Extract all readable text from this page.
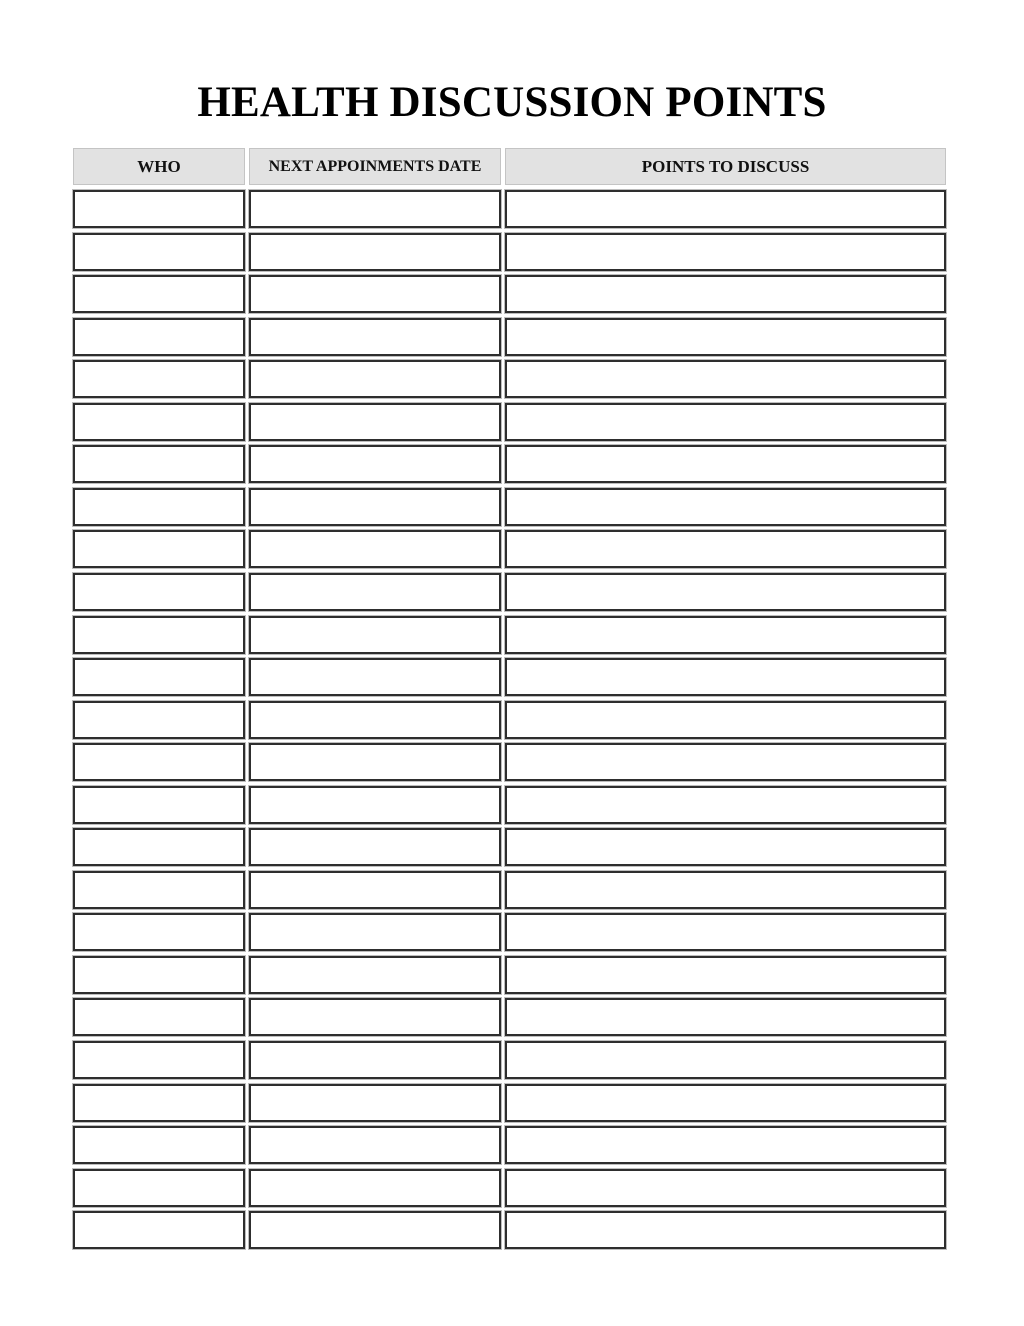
HEALTH DISCUSSION POINTS
WHO	NEXT APPOINMENTS DATE	POINTS TO DISCUSS
